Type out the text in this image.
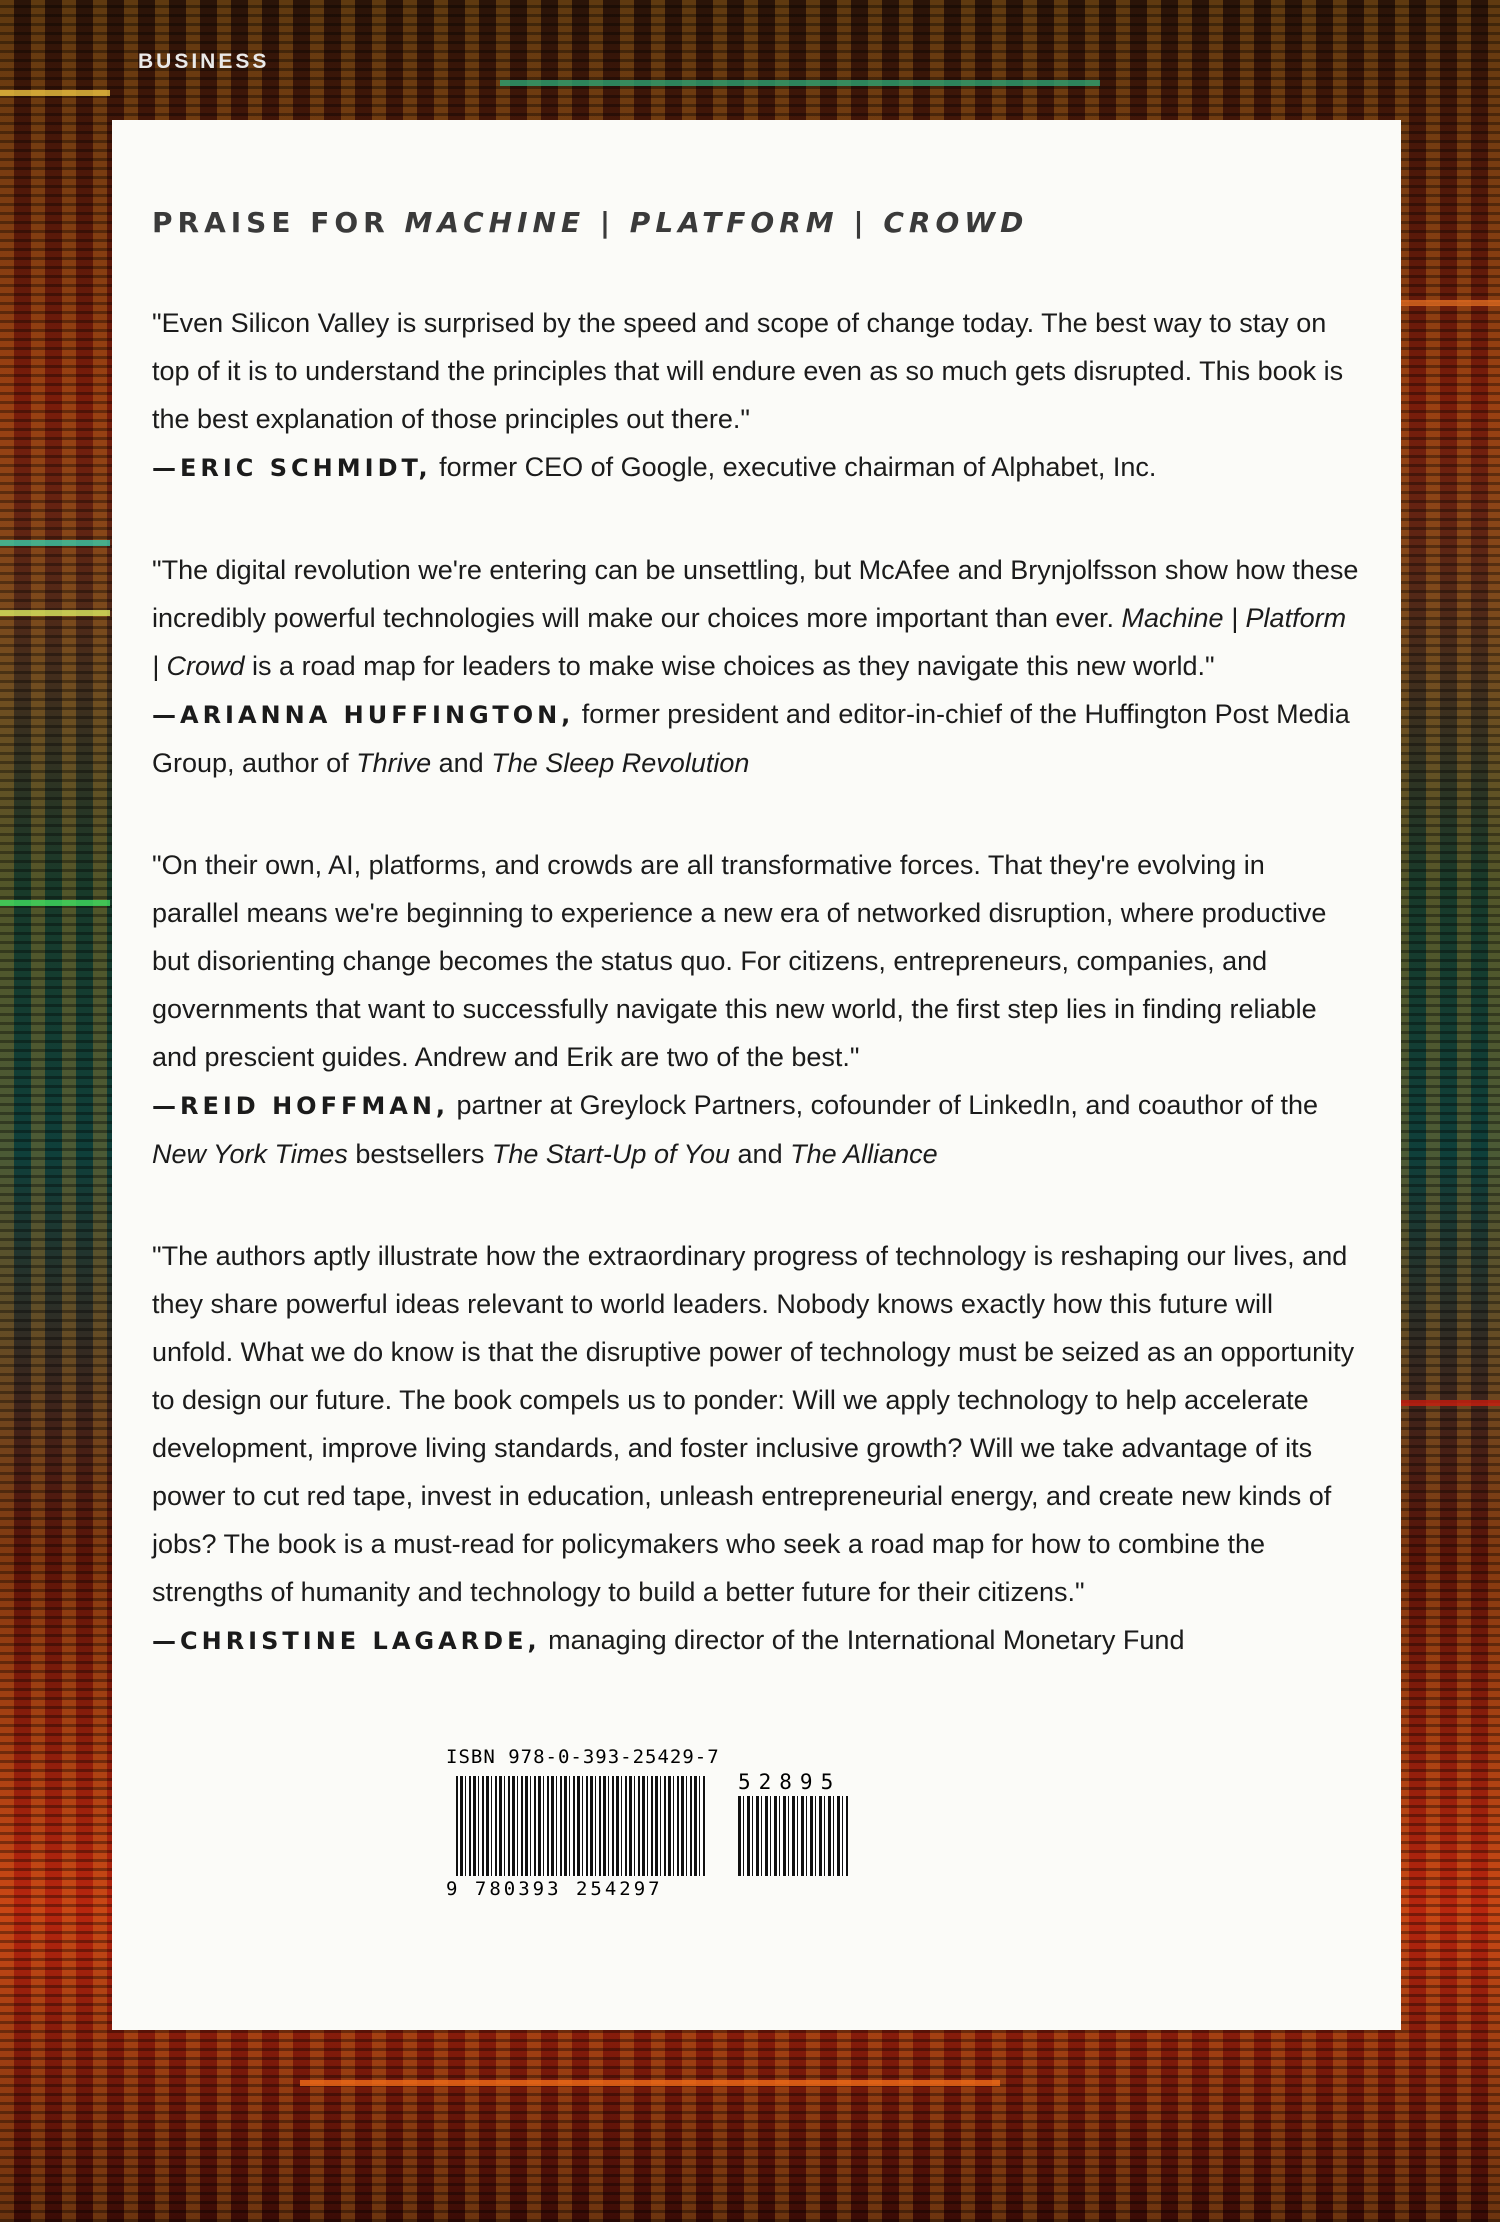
BUSINESS
PRAISE FOR MACHINE | PLATFORM | CROWD

"Even Silicon Valley is surprised by the speed and scope of change today. The best way to stay on top of it is to understand the principles that will endure even as so much gets disrupted. This book is the best explanation of those principles out there."

—ERIC SCHMIDT, former CEO of Google, executive chairman of Alphabet, Inc.

"The digital revolution we're entering can be unsettling, but McAfee and Brynjolfsson show how these incredibly powerful technologies will make our choices more important than ever. Machine | Platform | Crowd is a road map for leaders to make wise choices as they navigate this new world."

—ARIANNA HUFFINGTON, former president and editor-in-chief of the Huffington Post Media Group, author of Thrive and The Sleep Revolution

"On their own, AI, platforms, and crowds are all transformative forces. That they're evolving in parallel means we're beginning to experience a new era of networked disruption, where productive but disorienting change becomes the status quo. For citizens, entrepreneurs, companies, and governments that want to successfully navigate this new world, the first step lies in finding reliable and prescient guides. Andrew and Erik are two of the best."

—REID HOFFMAN, partner at Greylock Partners, cofounder of LinkedIn, and coauthor of the New York Times bestsellers The Start-Up of You and The Alliance

"The authors aptly illustrate how the extraordinary progress of technology is reshaping our lives, and they share powerful ideas relevant to world leaders. Nobody knows exactly how this future will unfold. What we do know is that the disruptive power of technology must be seized as an opportunity to design our future. The book compels us to ponder: Will we apply technology to help accelerate development, improve living standards, and foster inclusive growth? Will we take advantage of its power to cut red tape, invest in education, unleash entrepreneurial energy, and create new kinds of jobs? The book is a must-read for policymakers who seek a road map for how to combine the strengths of humanity and technology to build a better future for their citizens."

—CHRISTINE LAGARDE, managing director of the International Monetary Fund

ISBN 978-0-393-25429-7
52895
9 780393 254297
